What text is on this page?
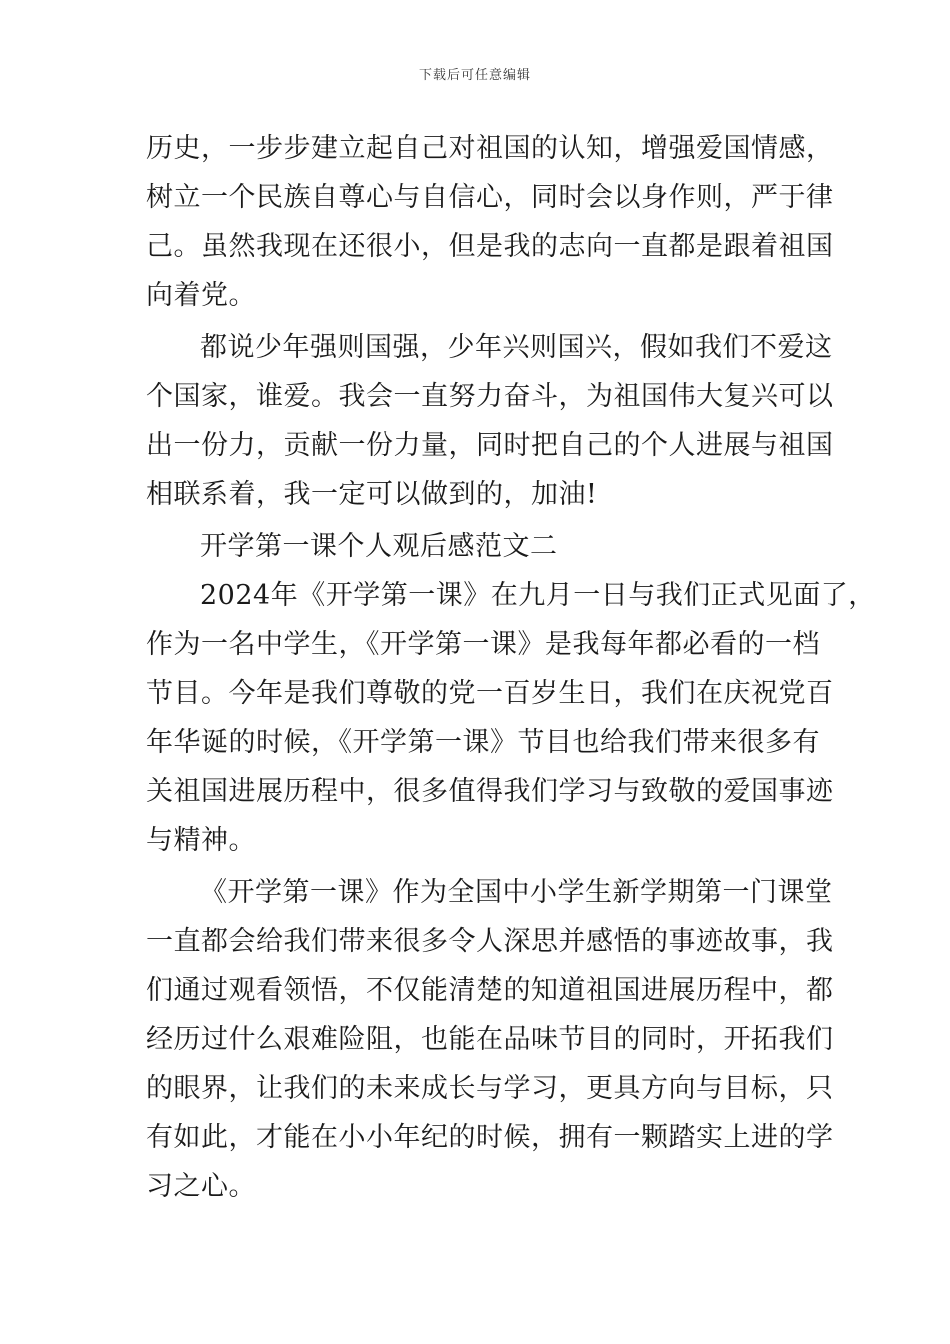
下载后可任意编辑
历史，一步步建立起自己对祖国的认知，增强爱国情感，
树立一个民族自尊心与自信心，同时会以身作则，严于律
己。虽然我现在还很小，但是我的志向一直都是跟着祖国
向着党。
都说少年强则国强，少年兴则国兴，假如我们不爱这
个国家，谁爱。我会一直努力奋斗，为祖国伟大复兴可以
出一份力，贡献一份力量，同时把自己的个人进展与祖国
相联系着，我一定可以做到的，加油!
开学第一课个人观后感范文二
2024年《开学第一课》在九月一日与我们正式见面了，
作为一名中学生，《开学第一课》是我每年都必看的一档
节目。今年是我们尊敬的党一百岁生日，我们在庆祝党百
年华诞的时候，《开学第一课》节目也给我们带来很多有
关祖国进展历程中，很多值得我们学习与致敬的爱国事迹
与精神。
《开学第一课》作为全国中小学生新学期第一门课堂
一直都会给我们带来很多令人深思并感悟的事迹故事，我
们通过观看领悟，不仅能清楚的知道祖国进展历程中，都
经历过什么艰难险阻，也能在品味节目的同时，开拓我们
的眼界，让我们的未来成长与学习，更具方向与目标，只
有如此，才能在小小年纪的时候，拥有一颗踏实上进的学
习之心。
